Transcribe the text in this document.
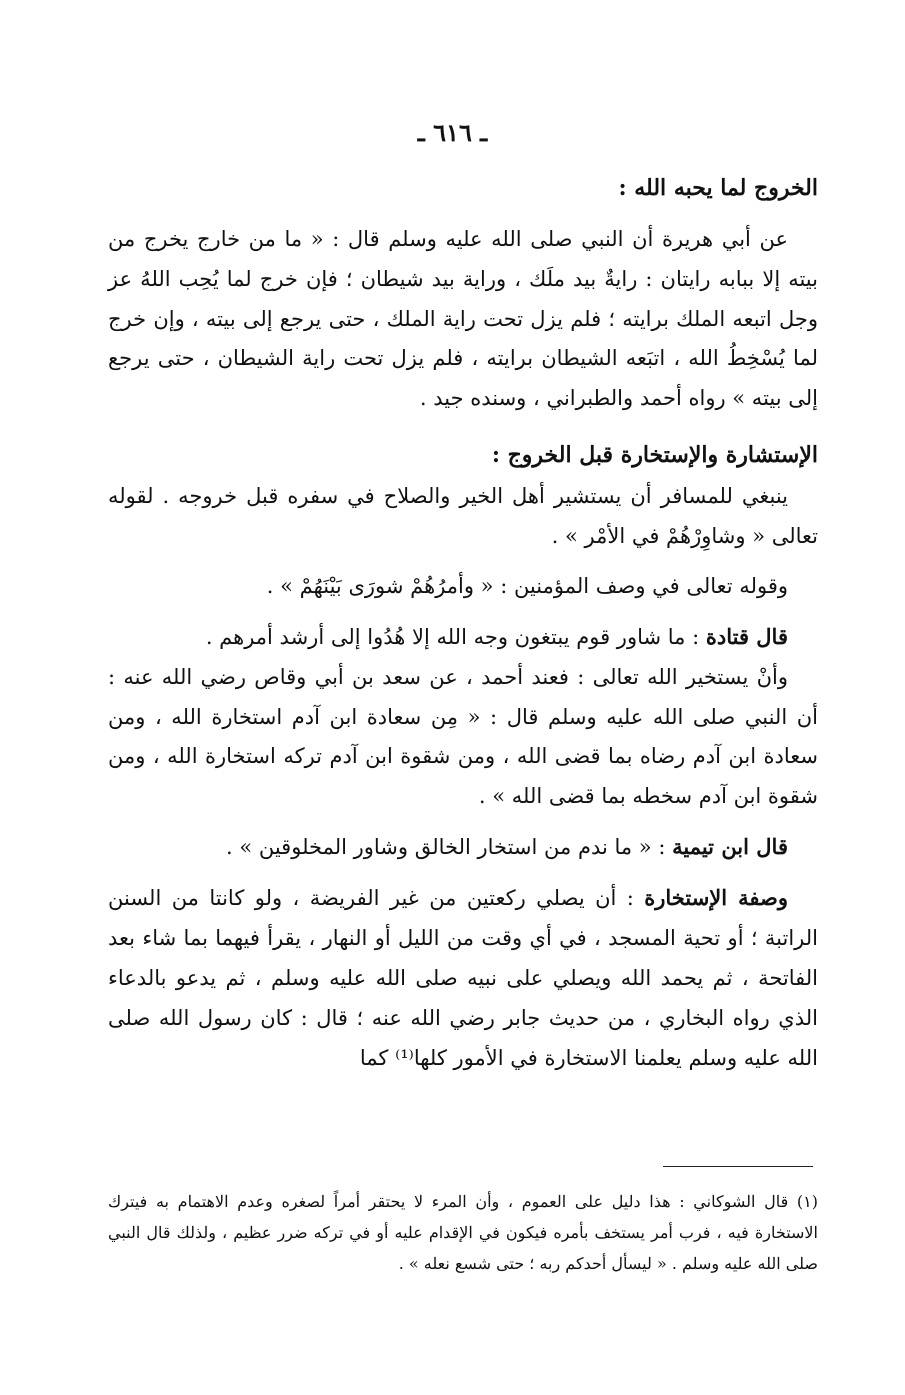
ـ ٦١٦ ـ
الخروج لما يحبه الله :

عن أبي هريرة أن النبي صلى الله عليه وسلم قال : « ما من خارج يخرج من بيته إلا ببابه رايتان : رايةٌ بيد ملَك ، وراية بيد شيطان ؛ فإن خرج لما يُحِب اللهُ عز وجل اتبعه الملك برايته ؛ فلم يزل تحت راية الملك ، حتى يرجع إلى بيته ، وإن خرج لما يُسْخِطُ الله ، اتبَعه الشيطان برايته ، فلم يزل تحت راية الشيطان ، حتى يرجع إلى بيته » رواه أحمد والطبراني ، وسنده جيد .

الإستشارة والإستخارة قبل الخروج :

ينبغي للمسافر أن يستشير أهل الخير والصلاح في سفره قبل خروجه . لقوله تعالى « وشاوِرْهُمْ في الأمْر » .

وقوله تعالى في وصف المؤمنين : « وأمرُهُمْ شورَى بَيْنَهُمْ » .

قال قتادة : ما شاور قوم يبتغون وجه الله إلا هُدُوا إلى أرشد أمرهم .

وأنْ يستخير الله تعالى : فعند أحمد ، عن سعد بن أبي وقاص رضي الله عنه : أن النبي صلى الله عليه وسلم قال : « مِن سعادة ابن آدم استخارة الله ، ومن سعادة ابن آدم رضاه بما قضى الله ، ومن شقوة ابن آدم تركه استخارة الله ، ومن شقوة ابن آدم سخطه بما قضى الله » .

قال ابن تيمية : « ما ندم من استخار الخالق وشاور المخلوقين » .

وصفة الإستخارة : أن يصلي ركعتين من غير الفريضة ، ولو كانتا من السنن الراتبة ؛ أو تحية المسجد ، في أي وقت من الليل أو النهار ، يقرأ فيهما بما شاء بعد الفاتحة ، ثم يحمد الله ويصلي على نبيه صلى الله عليه وسلم ، ثم يدعو بالدعاء الذي رواه البخاري ، من حديث جابر رضي الله عنه ؛ قال : كان رسول الله صلى الله عليه وسلم يعلمنا الاستخارة في الأمور كلها⁽¹⁾ كما

(١) قال الشوكاني : هذا دليل على العموم ، وأن المرء لا يحتقر أمراً لصغره وعدم الاهتمام به فيترك الاستخارة فيه ، فرب أمر يستخف بأمره فيكون في الإقدام عليه أو في تركه ضرر عظيم ، ولذلك قال النبي صلى الله عليه وسلم . « ليسأل أحدكم ربه ؛ حتى شسع نعله » .
